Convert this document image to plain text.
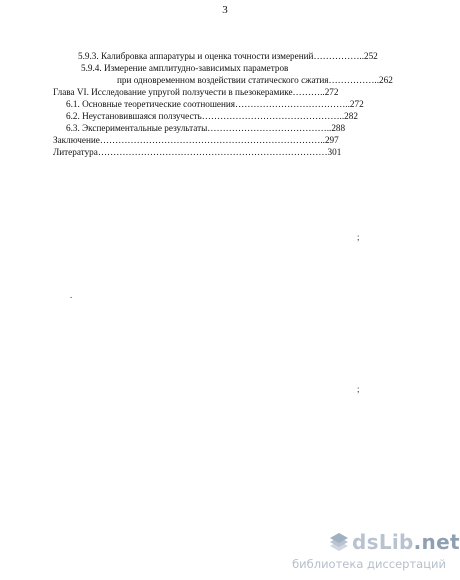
3
5.9.3. Калибровка аппаратуры и оценка точности измерений……………..252
5.9.4. Измерение амплитудно-зависимых параметров
при одновременном воздействии статического сжатия……………..262
Глава VI. Исследование упругой ползучести в пьезокерамике………..272
6.1. Основные теоретические соотношения………………………………..272
6.2. Неустановившаяся ползучесть………………………………………..282
6.3. Экспериментальные результаты…………………………………..288
Заключение………………………………………………………………..297
Литература…………………………………………………………………301
;
;
.
dsLib.net
библиотека диссертаций
